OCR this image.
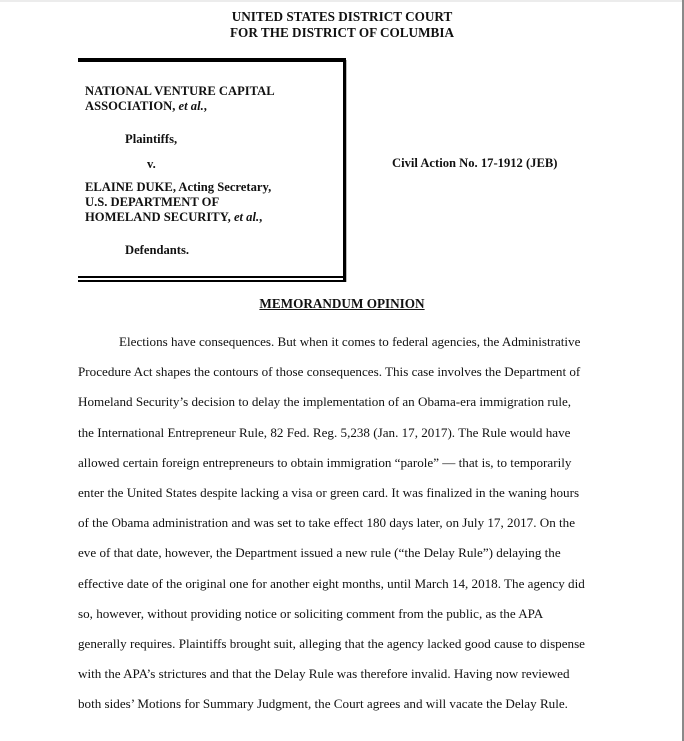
UNITED STATES DISTRICT COURT
FOR THE DISTRICT OF COLUMBIA
NATIONAL VENTURE CAPITAL
ASSOCIATION, et al.,
Plaintiffs,
v.
ELAINE DUKE, Acting Secretary,
U.S. DEPARTMENT OF
HOMELAND SECURITY, et al.,
Defendants.
Civil Action No. 17-1912 (JEB)
MEMORANDUM OPINION
Elections have consequences. But when it comes to federal agencies, the Administrative
Procedure Act shapes the contours of those consequences. This case involves the Department of
Homeland Security’s decision to delay the implementation of an Obama-era immigration rule,
the International Entrepreneur Rule, 82 Fed. Reg. 5,238 (Jan. 17, 2017). The Rule would have
allowed certain foreign entrepreneurs to obtain immigration “parole” — that is, to temporarily
enter the United States despite lacking a visa or green card. It was finalized in the waning hours
of the Obama administration and was set to take effect 180 days later, on July 17, 2017. On the
eve of that date, however, the Department issued a new rule (“the Delay Rule”) delaying the
effective date of the original one for another eight months, until March 14, 2018. The agency did
so, however, without providing notice or soliciting comment from the public, as the APA
generally requires. Plaintiffs brought suit, alleging that the agency lacked good cause to dispense
with the APA’s strictures and that the Delay Rule was therefore invalid. Having now reviewed
both sides’ Motions for Summary Judgment, the Court agrees and will vacate the Delay Rule.
